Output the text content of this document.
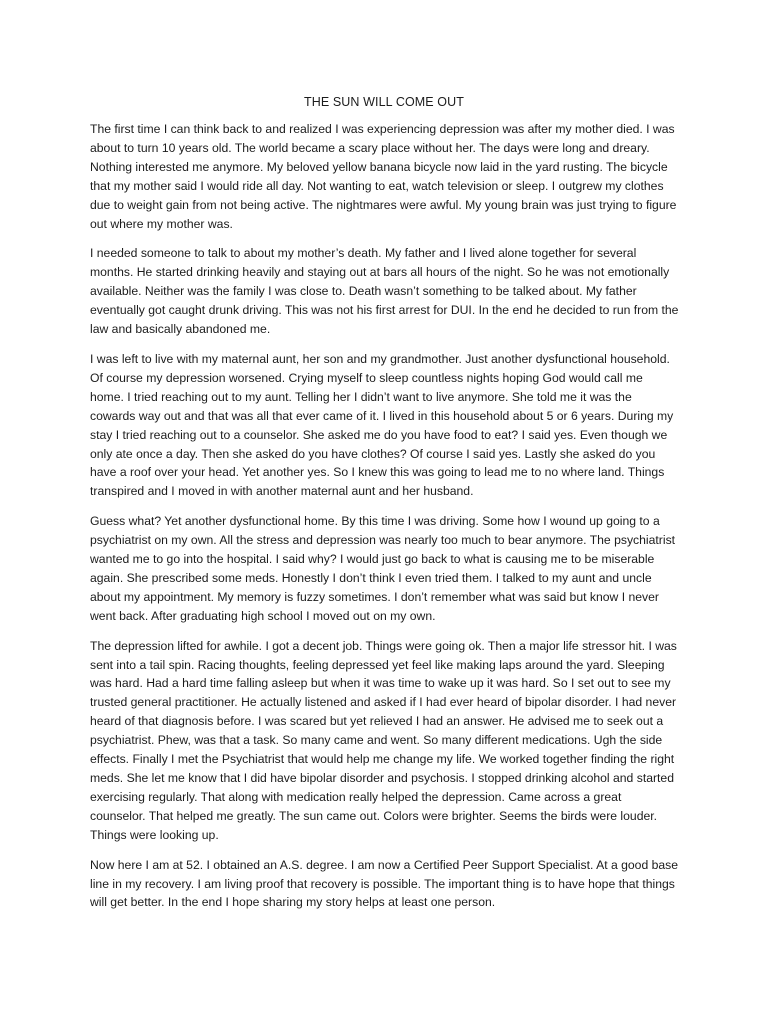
THE SUN WILL COME OUT

The first time I can think back to and realized I was experiencing depression was after my mother died. I was about to turn 10 years old. The world became a scary place without her. The days were long and dreary. Nothing interested me anymore. My beloved yellow banana bicycle now laid in the yard rusting. The bicycle that my mother said I would ride all day. Not wanting to eat, watch television or sleep. I outgrew my clothes due to weight gain from not being active. The nightmares were awful. My young brain was just trying to figure out where my mother was.

I needed someone to talk to about my mother’s death. My father and I lived alone together for several months. He started drinking heavily and staying out at bars all hours of the night. So he was not emotionally available. Neither was the family I was close to. Death wasn’t something to be talked about. My father eventually got caught drunk driving. This was not his first arrest for DUI. In the end he decided to run from the law and basically abandoned me.

I was left to live with my maternal aunt, her son and my grandmother. Just another dysfunctional household. Of course my depression worsened. Crying myself to sleep countless nights hoping God would call me home. I tried reaching out to my aunt. Telling her I didn’t want to live anymore. She told me it was the cowards way out and that was all that ever came of it. I lived in this household about 5 or 6 years. During my stay I tried reaching out to a counselor. She asked me do you have food to eat? I said yes. Even though we only ate once a day. Then she asked do you have clothes? Of course I said yes. Lastly she asked do you have a roof over your head. Yet another yes. So I knew this was going to lead me to no where land. Things transpired and I moved in with another maternal aunt and her husband.

Guess what? Yet another dysfunctional home. By this time I was driving. Some how I wound up going to a psychiatrist on my own. All the stress and depression was nearly too much to bear anymore. The psychiatrist wanted me to go into the hospital. I said why? I would just go back to what is causing me to be miserable again. She prescribed some meds. Honestly I don’t think I even tried them. I talked to my aunt and uncle about my appointment. My memory is fuzzy sometimes. I don’t remember what was said but know I never went back. After graduating high school I moved out on my own.

The depression lifted for awhile. I got a decent job. Things were going ok. Then a major life stressor hit. I was sent into a tail spin. Racing thoughts, feeling depressed yet feel like making laps around the yard. Sleeping was hard. Had a hard time falling asleep but when it was time to wake up it was hard. So I set out to see my trusted general practitioner. He actually listened and asked if I had ever heard of bipolar disorder. I had never heard of that diagnosis before. I was scared but yet relieved I had an answer. He advised me to seek out a psychiatrist. Phew, was that a task. So many came and went. So many different medications. Ugh the side effects. Finally I met the Psychiatrist that would help me change my life. We worked together finding the right meds. She let me know that I did have bipolar disorder and psychosis. I stopped drinking alcohol and started exercising regularly. That along with medication really helped the depression. Came across a great counselor. That helped me greatly. The sun came out. Colors were brighter. Seems the birds were louder. Things were looking up.

Now here I am at 52. I obtained an A.S. degree. I am now a Certified Peer Support Specialist. At a good base line in my recovery. I am living proof that recovery is possible. The important thing is to have hope that things will get better. In the end I hope sharing my story helps at least one person.
